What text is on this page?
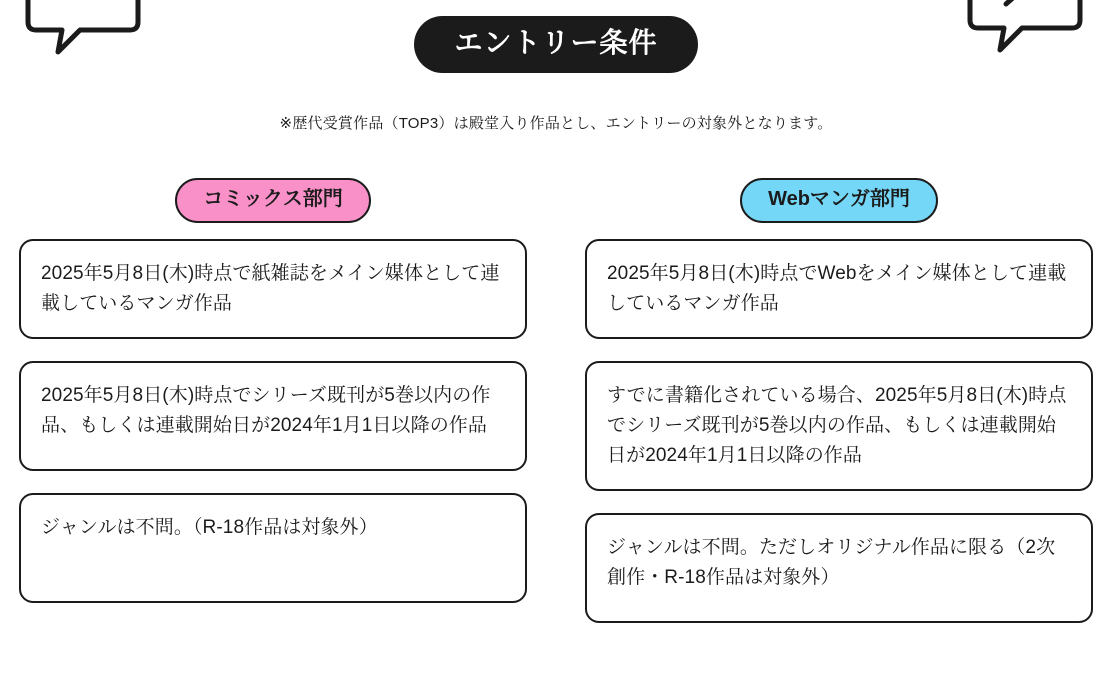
エントリー条件
※歴代受賞作品（TOP3）は殿堂入り作品とし、エントリーの対象外となります。
コミックス部門
2025年5月8日(木)時点で紙雑誌をメイン媒体として連載しているマンガ作品
2025年5月8日(木)時点でシリーズ既刊が5巻以内の作品、もしくは連載開始日が2024年1月1日以降の作品
ジャンルは不問。（R-18作品は対象外）
Webマンガ部門
2025年5月8日(木)時点でWebをメイン媒体として連載しているマンガ作品
すでに書籍化されている場合、2025年5月8日(木)時点でシリーズ既刊が5巻以内の作品、もしくは連載開始日が2024年1月1日以降の作品
ジャンルは不問。ただしオリジナル作品に限る（2次創作・R-18作品は対象外）
